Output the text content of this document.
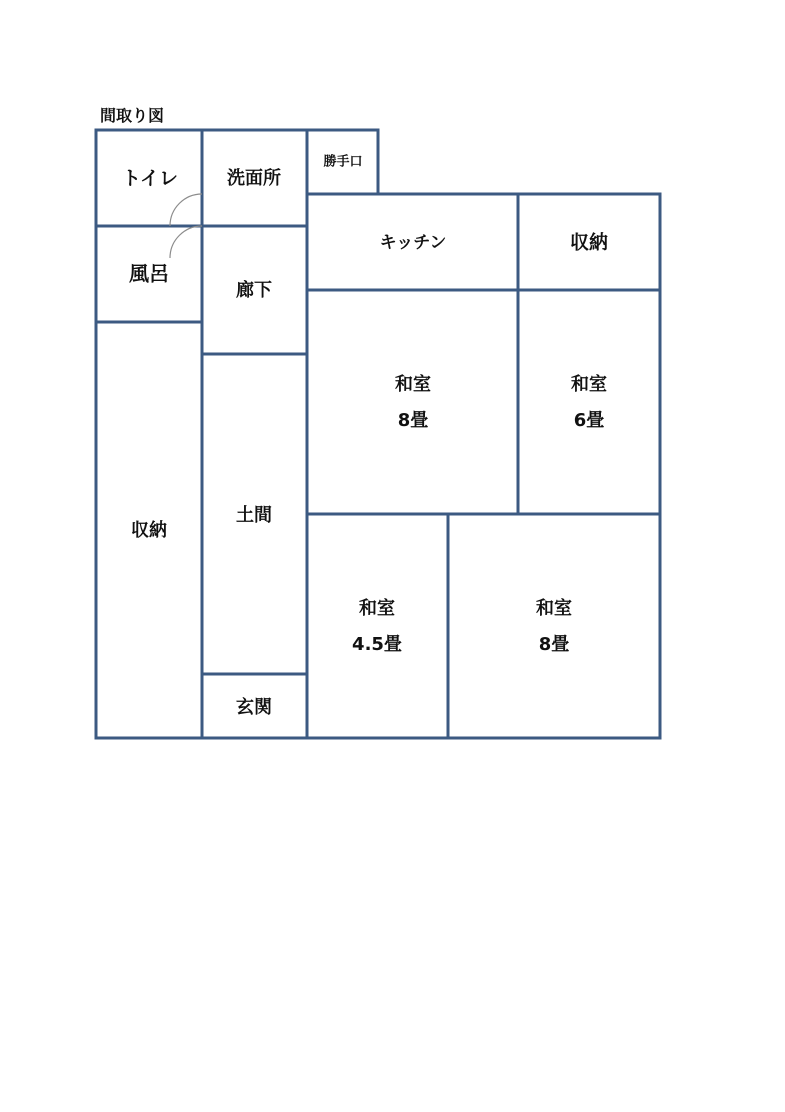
間取り図
トイレ	洗面所
勝手口
キッチン	収納
風呂
廊下
和室
8畳
和室
6畳
収納
土間
和室
4.5畳
和室
8畳
玄関
